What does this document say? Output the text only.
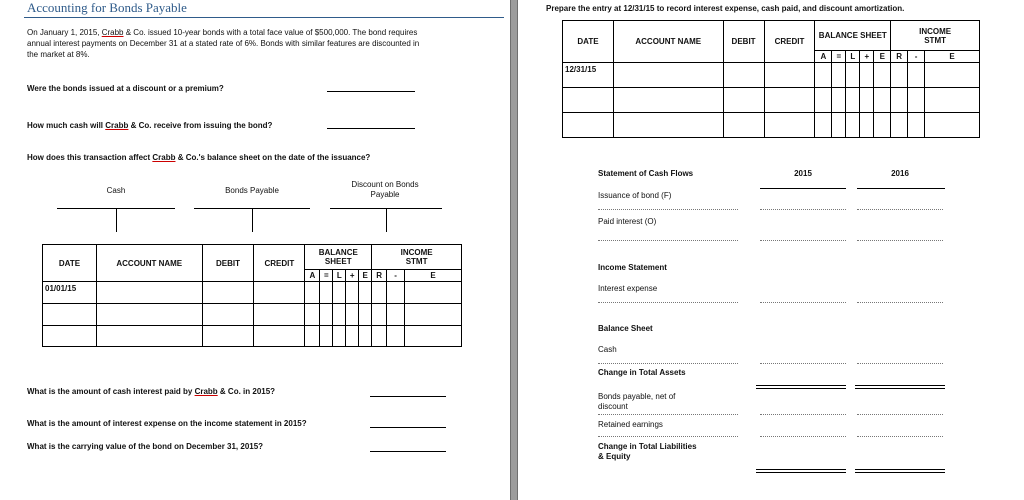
Accounting for Bonds Payable
On January 1, 2015, Crabb & Co. issued 10-year bonds with a total face value of $500,000. The bond requires
annual interest payments on December 31 at a stated rate of 6%. Bonds with similar features are discounted in
the market at 8%.
Were the bonds issued at a discount or a premium?
How much cash will Crabb & Co. receive from issuing the bond?
How does this transaction affect Crabb & Co.'s balance sheet on the date of the issuance?
Cash	Bonds Payable
Discount on Bonds
Payable
DATE	ACCOUNT NAME	DEBIT	CREDIT	BALANCE SHEET					INCOME
STMT		

				A	=	L	+	E	R	-	E
01/01/15											

What is the amount of cash interest paid by Crabb & Co. in 2015?
What is the amount of interest expense on the income statement in 2015?
What is the carrying value of the bond on December 31, 2015?
Prepare the entry at 12/31/15 to record interest expense, cash paid, and discount amortization.
DATE	ACCOUNT NAME	DEBIT	CREDIT	BALANCE SHEET					INCOME
STMT		

				A	=	L	+	E	R	-	E
12/31/15											

Statement of Cash Flows	2015	2016
Issuance of bond (F)
Paid interest (O)
Income Statement
Interest expense
Balance Sheet
Cash
Change in Total Assets
Bonds payable, net of
discount
Retained earnings
Change in Total Liabilities
& Equity
